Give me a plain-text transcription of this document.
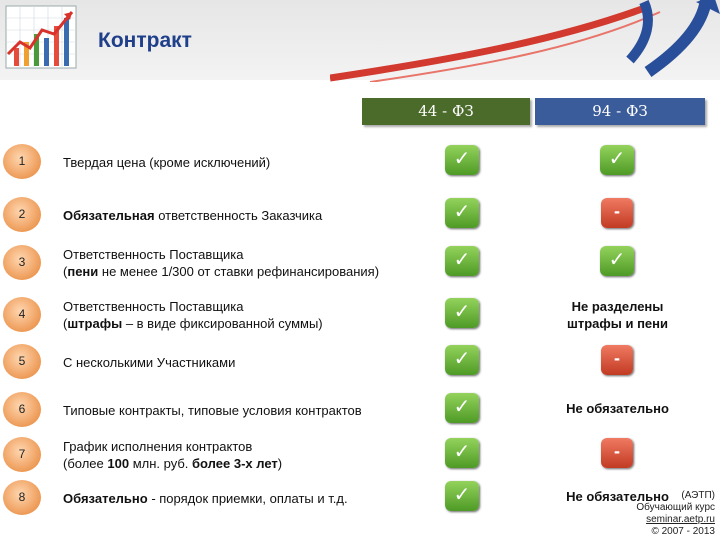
Контракт
44 - ФЗ	94 - ФЗ
1	Твердая цена (кроме исключений)	✓	✓
2	Обязательная ответственность Заказчика	✓	-
3	Ответственность Поставщика
(пени не менее 1/300 от ставки рефинансирования)
✓	✓
4	Ответственность Поставщика
(штрафы – в виде фиксированной суммы)
✓	Не разделены
штрафы и пени
5	С несколькими Участниками	✓	-
6	Типовые контракты, типовые условия контрактов	✓	Не обязательно
7	График исполнения контрактов
(более 100 млн. руб. более 3-х лет)
✓	-
8	Обязательно - порядок приемки, оплаты и т.д.	✓	Не обязательно	(АЭТП)
Обучающий курс
seminar.aetp.ru
© 2007 - 2013
